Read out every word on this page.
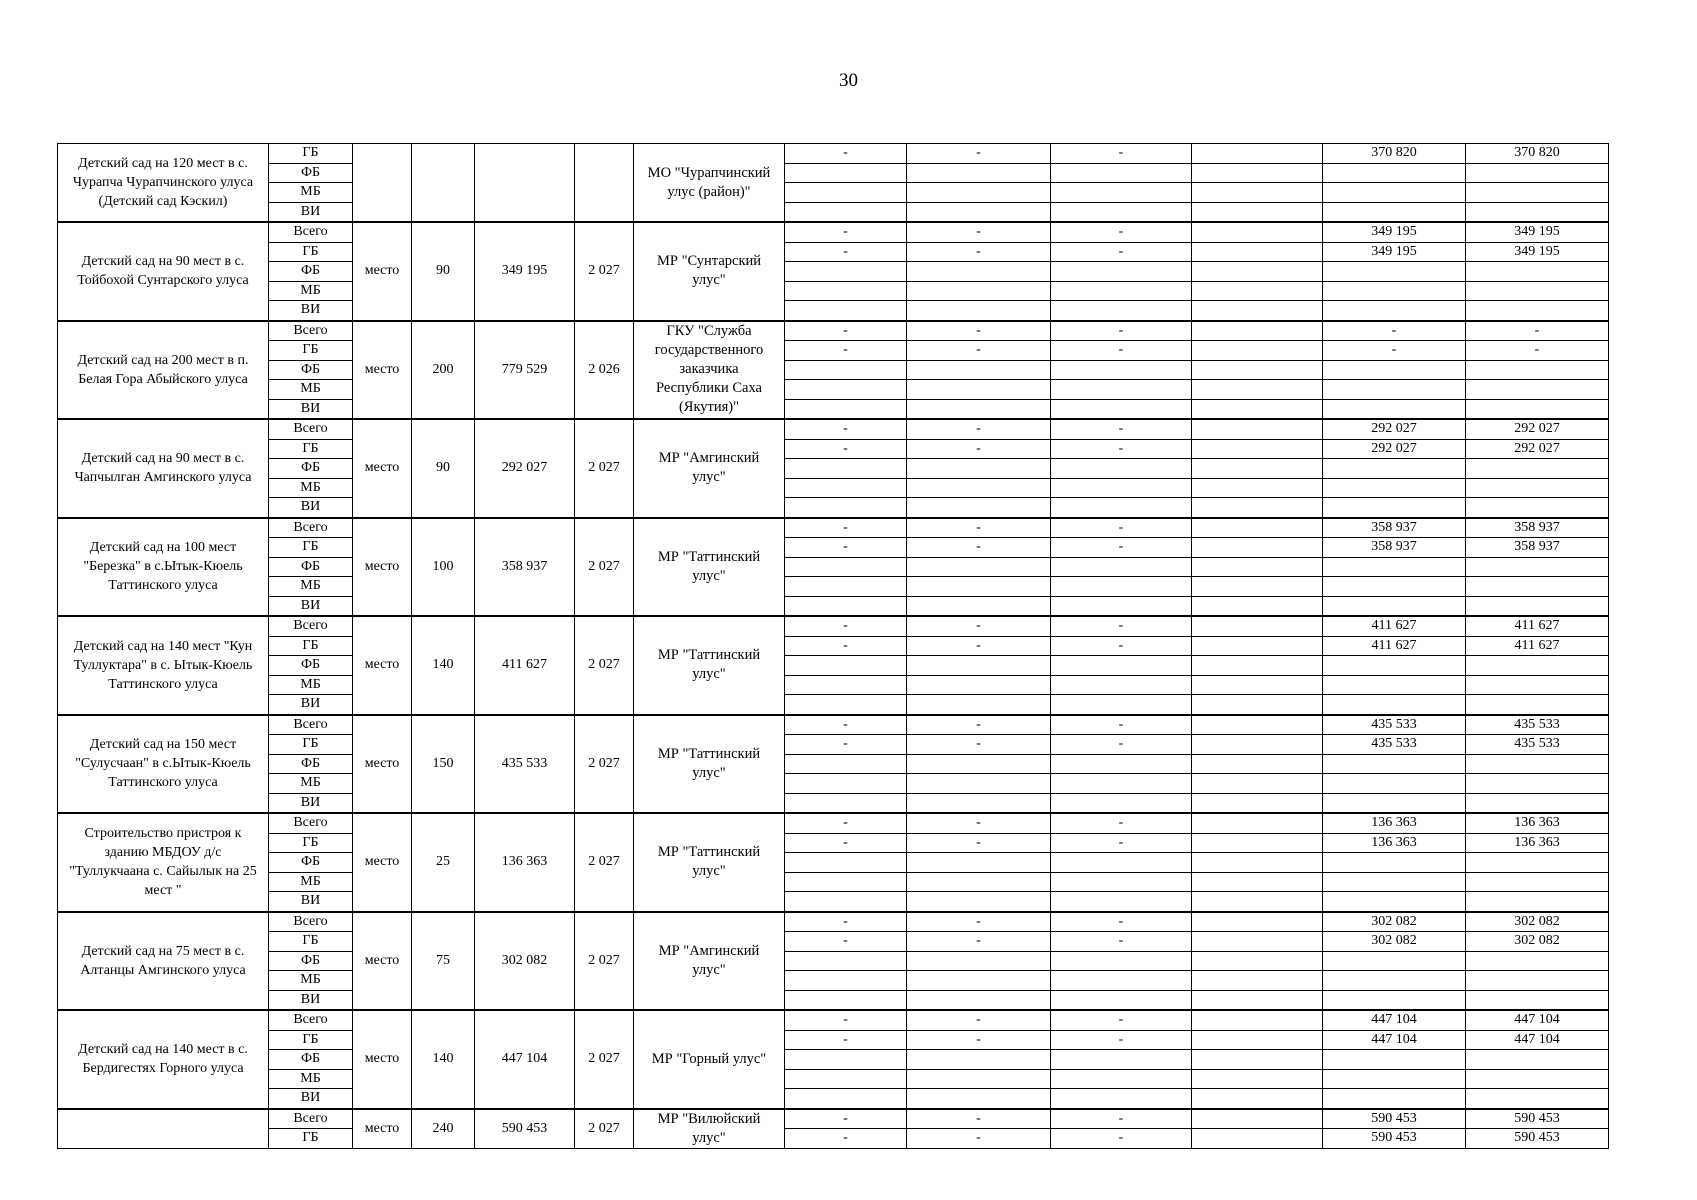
30
Детский сад на 120 мест в с. Чурапча Чурапчинского улуса (Детский сад Кэскил)	ГБ					МО "Чурапчинский улус (район)"	-	-	-		370 820	370 820
	ФБ											
	МБ											
	ВИ											
Детский сад на 90 мест в с. Тойбохой Сунтарского улуса	Всего	место	90	349 195	2 027	МР "Сунтарский улус"	-	-	-		349 195	349 195
	ГБ						-	-	-		349 195	349 195
	ФБ											
	МБ											
	ВИ											
Детский сад на 200 мест в п. Белая Гора Абыйского улуса	Всего	место	200	779 529	2 026	ГКУ "Служба государственного заказчика Республики Саха (Якутия)"	-	-	-		-	-
	ГБ						-	-	-		-	-
	ФБ											
	МБ											
	ВИ											
Детский сад на 90 мест в с. Чапчылган Амгинского улуса	Всего	место	90	292 027	2 027	МР "Амгинский улус"	-	-	-		292 027	292 027
	ГБ						-	-	-		292 027	292 027
	ФБ											
	МБ											
	ВИ											
Детский сад на 100 мест "Березка" в с.Ытык-Кюель Таттинского улуса	Всего	место	100	358 937	2 027	МР "Таттинский улус"	-	-	-		358 937	358 937
	ГБ						-	-	-		358 937	358 937
	ФБ											
	МБ											
	ВИ											
Детский сад на 140 мест "Кун Туллуктара" в с. Ытык-Кюель Таттинского улуса	Всего	место	140	411 627	2 027	МР "Таттинский улус"	-	-	-		411 627	411 627
	ГБ						-	-	-		411 627	411 627
	ФБ											
	МБ											
	ВИ											
Детский сад на 150 мест "Сулусчаан" в с.Ытык-Кюель Таттинского улуса	Всего	место	150	435 533	2 027	МР "Таттинский улус"	-	-	-		435 533	435 533
	ГБ						-	-	-		435 533	435 533
	ФБ											
	МБ											
	ВИ											
Строительство пристроя к зданию МБДОУ д/с "Туллукчаана с. Сайылык на 25 мест "	Всего	место	25	136 363	2 027	МР "Таттинский улус"	-	-	-		136 363	136 363
	ГБ						-	-	-		136 363	136 363
	ФБ											
	МБ											
	ВИ											
Детский сад на 75 мест в с. Алтанцы Амгинского улуса	Всего	место	75	302 082	2 027	МР "Амгинский улус"	-	-	-		302 082	302 082
	ГБ						-	-	-		302 082	302 082
	ФБ											
	МБ											
	ВИ											
Детский сад на 140 мест в с. Бердигестях Горного улуса	Всего	место	140	447 104	2 027	МР "Горный улус"	-	-	-		447 104	447 104
	ГБ						-	-	-		447 104	447 104
	ФБ											
	МБ											
	ВИ											
	Всего	место	240	590 453	2 027	МР "Вилюйский улус"	-	-	-		590 453	590 453
	ГБ						-	-	-		590 453	590 453
